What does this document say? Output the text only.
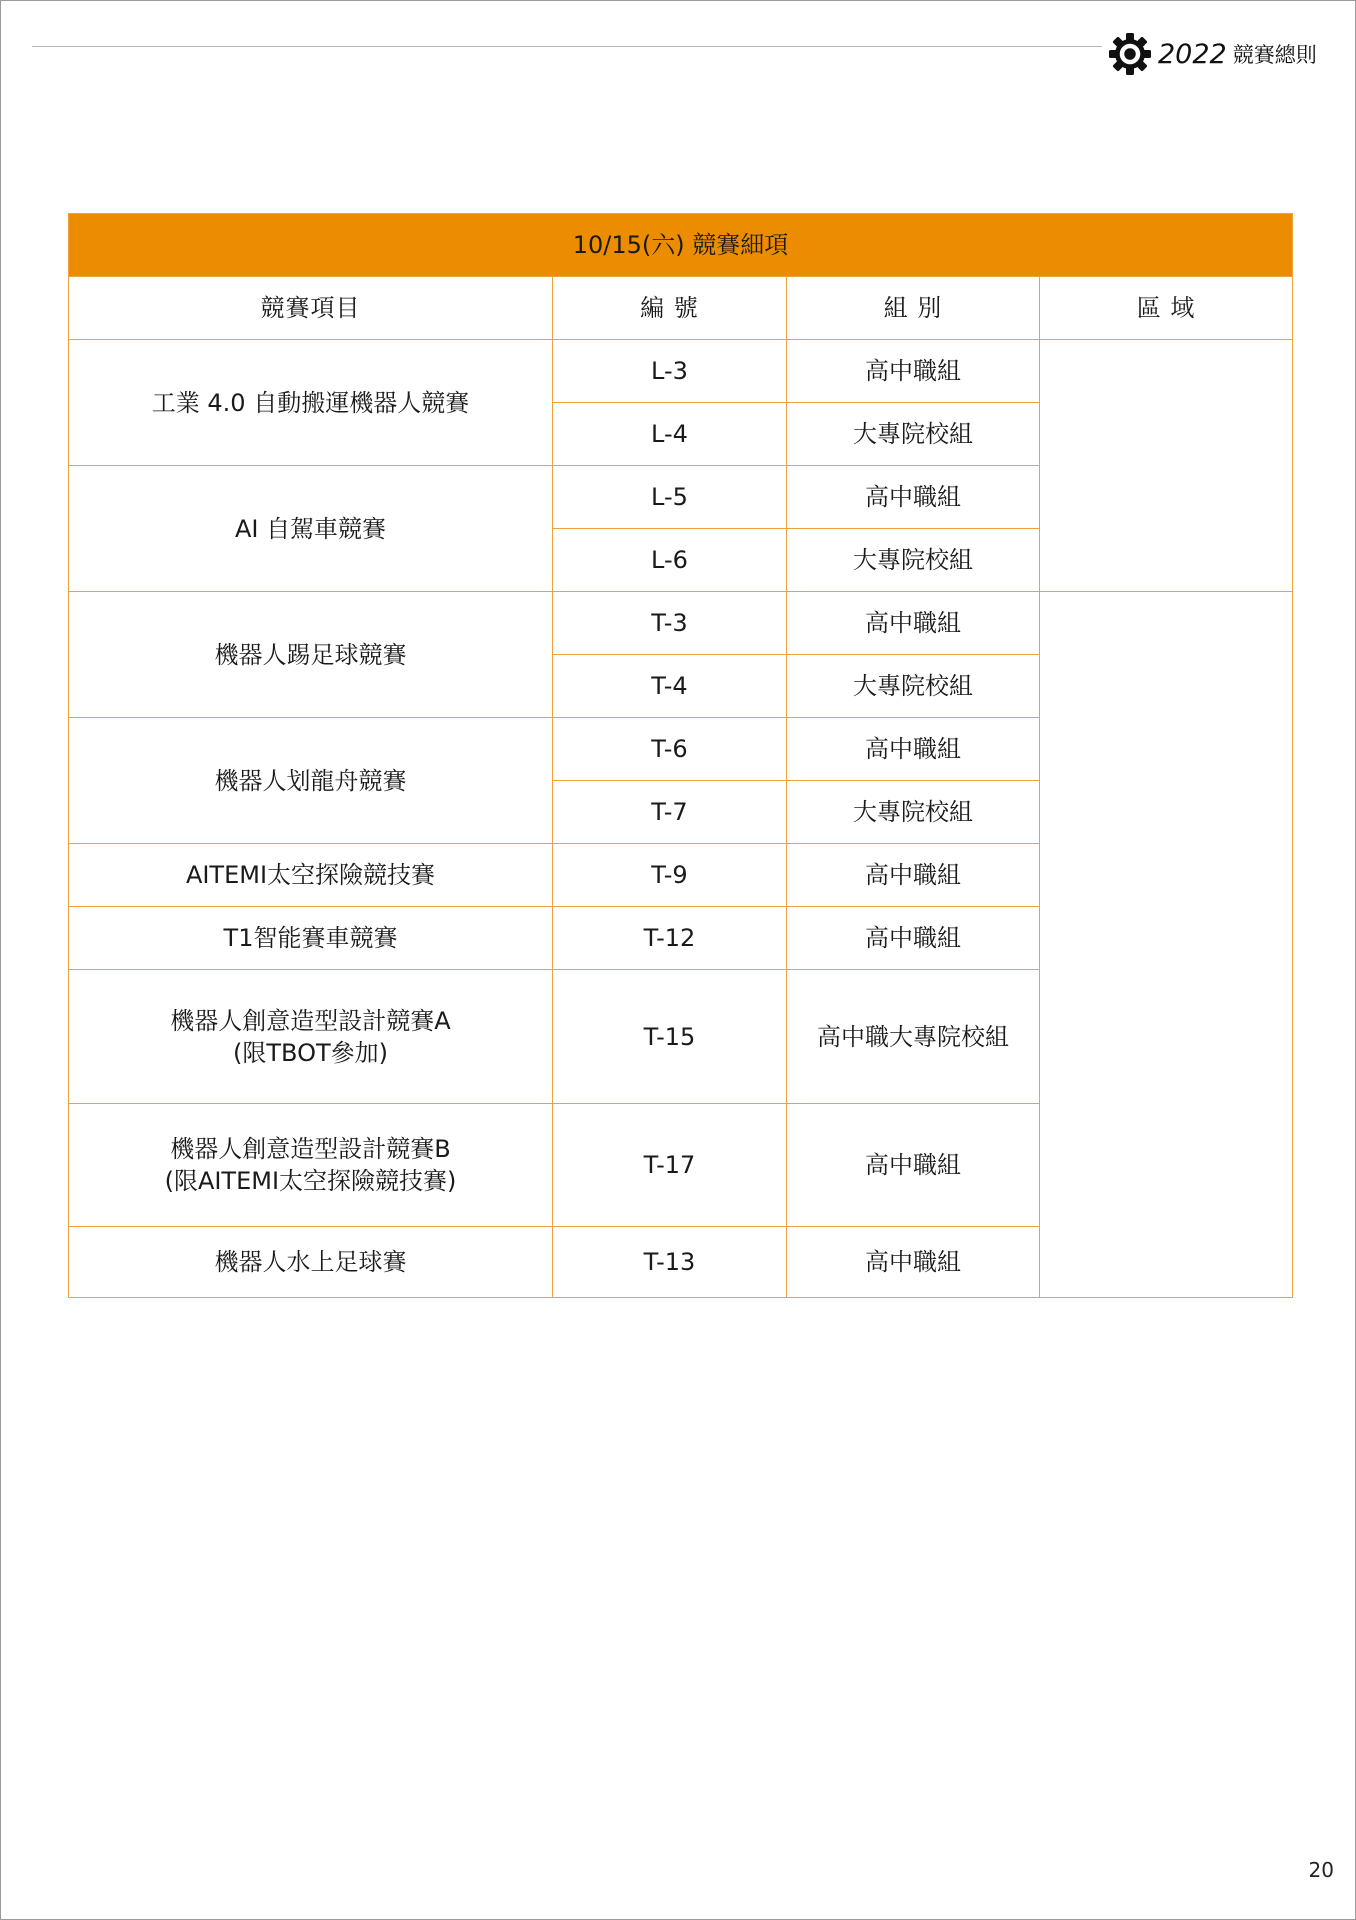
2022 競賽總則
10/15(六) 競賽細項			
競賽項目	編 號	組 別	區 域
工業 4.0 自動搬運機器人競賽	L-3	高中職組	
	L-4	大專院校組	
AI 自駕車競賽	L-5	高中職組	
	L-6	大專院校組	
機器人踢足球競賽	T-3	高中職組	
	T-4	大專院校組	
機器人划龍舟競賽	T-6	高中職組	
	T-7	大專院校組	
AITEMI太空探險競技賽	T-9	高中職組	
T1智能賽車競賽	T-12	高中職組	

機器人創意造型設計競賽A
(限TBOT參加)	T-15	高中職大專院校組	

機器人創意造型設計競賽B
(限AITEMI太空探險競技賽)	T-17	高中職組	
機器人水上足球賽	T-13	高中職組	
20
